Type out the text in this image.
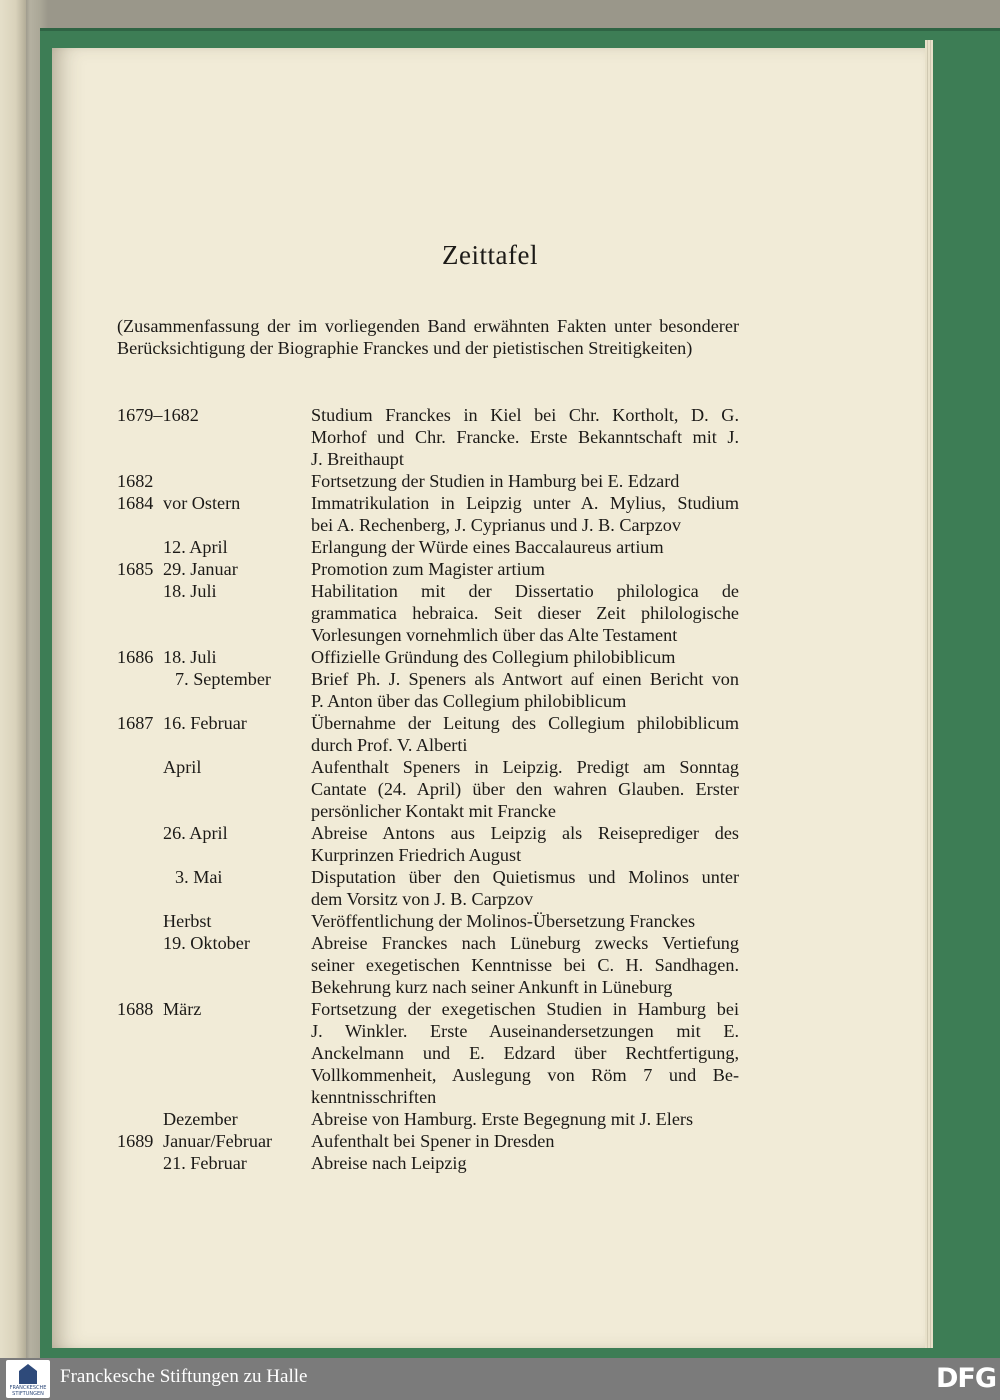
Zeittafel
(Zusammenfassung der im vorliegenden Band erwähnten Fakten unter besonderer Berücksichtigung der Biographie Franckes und der pietistischen Streitigkeiten)
1679–1682	Studium Franckes in Kiel bei Chr. Kortholt, D. G.
Morhof und Chr. Francke. Erste Bekanntschaft mit J.
J. Breithaupt
1682	Fortsetzung der Studien in Hamburg bei E. Edzard
1684 vor Ostern	Immatrikulation in Leipzig unter A. Mylius, Studium
bei A. Rechenberg, J. Cyprianus und J. B. Carpzov
12. April	Erlangung der Würde eines Baccalaureus artium
1685 29. Januar	Promotion zum Magister artium
18. Juli	Habilitation mit der Dissertatio philologica de
grammatica hebraica. Seit dieser Zeit philologische
Vorlesungen vornehmlich über das Alte Testament
1686 18. Juli	Offizielle Gründung des Collegium philobiblicum
7. September Brief Ph. J. Speners als Antwort auf einen Bericht von
P. Anton über das Collegium philobiblicum
1687 16. Februar	Übernahme der Leitung des Collegium philobiblicum
durch Prof. V. Alberti
April	Aufenthalt Speners in Leipzig. Predigt am Sonntag
Cantate (24. April) über den wahren Glauben. Erster
persönlicher Kontakt mit Francke
26. April	Abreise Antons aus Leipzig als Reiseprediger des
Kurprinzen Friedrich August
3. Mai	Disputation über den Quietismus und Molinos unter
dem Vorsitz von J. B. Carpzov
Herbst	Veröffentlichung der Molinos-Übersetzung Franckes
19. Oktober	Abreise Franckes nach Lüneburg zwecks Vertiefung
seiner exegetischen Kenntnisse bei C. H. Sandhagen.
Bekehrung kurz nach seiner Ankunft in Lüneburg
1688 März	Fortsetzung der exegetischen Studien in Hamburg bei
J. Winkler. Erste Auseinandersetzungen mit E.
Anckelmann und E. Edzard über Rechtfertigung,
Vollkommenheit, Auslegung von Röm 7 und Be-
kenntnisschriften
Dezember	Abreise von Hamburg. Erste Begegnung mit J. Elers
1689 Januar/Februar Aufenthalt bei Spener in Dresden
21. Februar	Abreise nach Leipzig
FRANCKESCHE
STIFTUNGEN
Franckesche Stiftungen zu Halle	DFG
